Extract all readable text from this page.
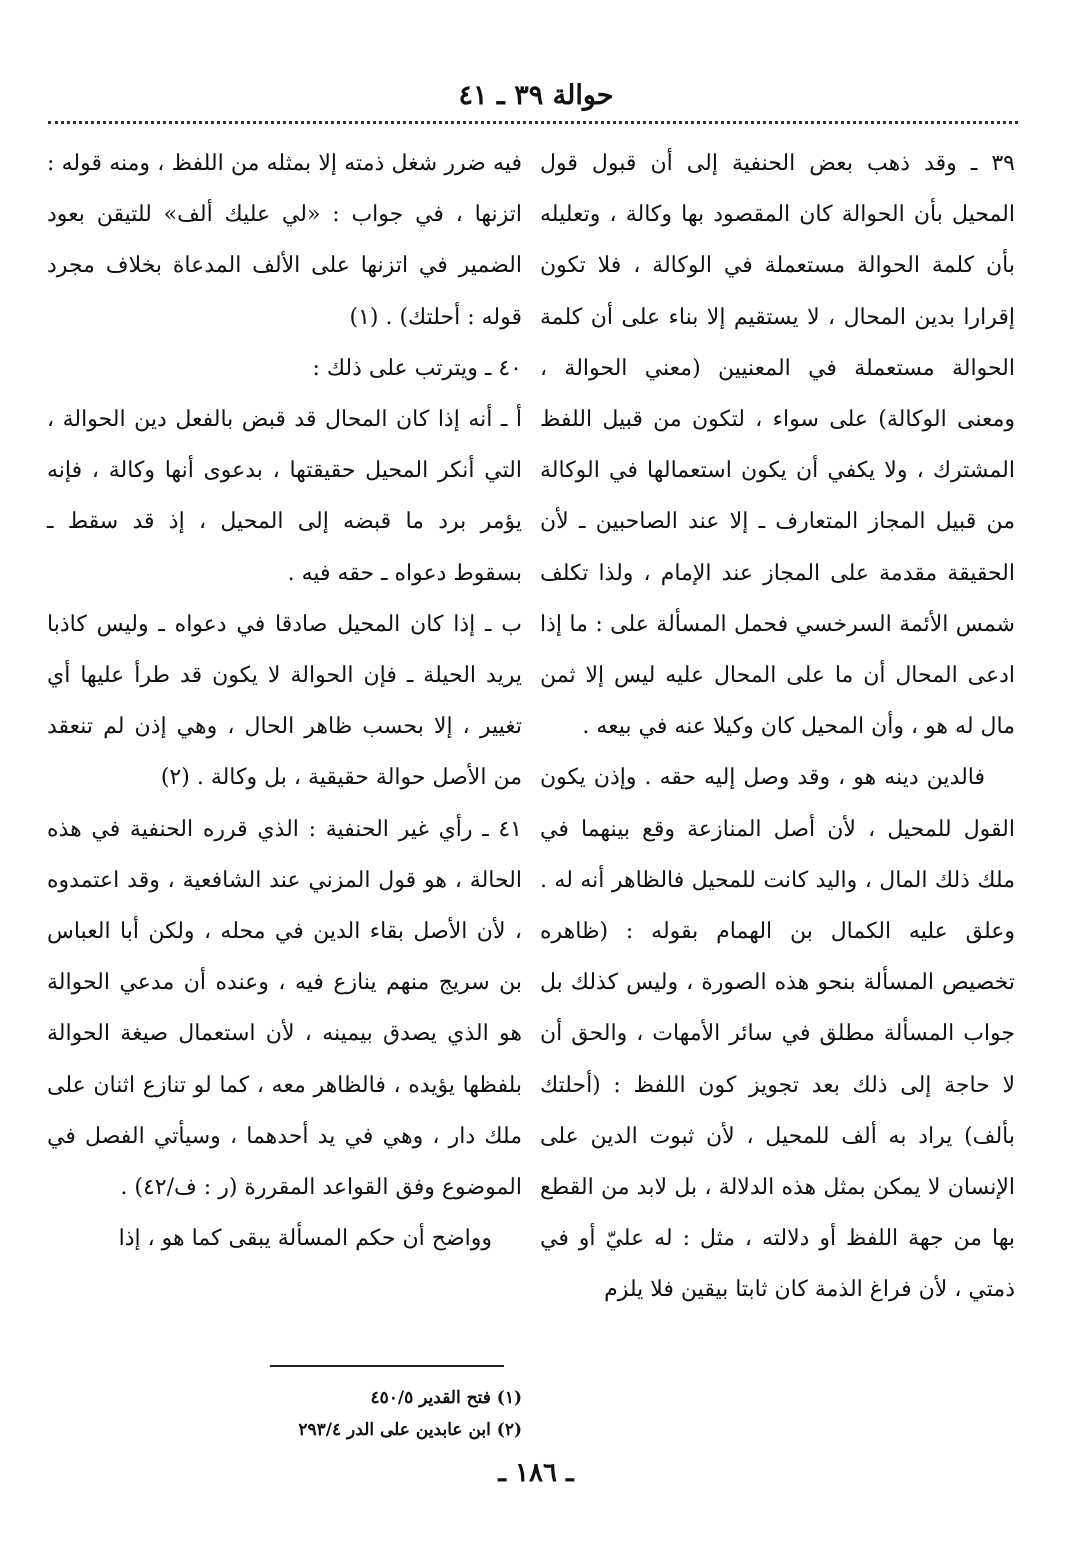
حوالة ٣٩ ـ ٤١

٣٩ ـ وقد ذهب بعض الحنفية إلى أن قبول قول المحيل بأن الحوالة كان المقصود بها وكالة ، وتعليله بأن كلمة الحوالة مستعملة في الوكالة ، فلا تكون إقرارا بدين المحال ، لا يستقيم إلا بناء على أن كلمة الحوالة مستعملة في المعنيين (معني الحوالة ، ومعنى الوكالة) على سواء ، لتكون من قبيل اللفظ المشترك ، ولا يكفي أن يكون استعمالها في الوكالة من قبيل المجاز المتعارف ـ إلا عند الصاحبين ـ لأن الحقيقة مقدمة على المجاز عند الإمام ، ولذا تكلف شمس الأئمة السرخسي فحمل المسألة على : ما إذا ادعى المحال أن ما على المحال عليه ليس إلا ثمن مال له هو ، وأن المحيل كان وكيلا عنه في بيعه .

فالدين دينه هو ، وقد وصل إليه حقه . وإذن يكون القول للمحيل ، لأن أصل المنازعة وقع بينهما في ملك ذلك المال ، واليد كانت للمحيل فالظاهر أنه له . وعلق عليه الكمال بن الهمام بقوله : (ظاهره تخصيص المسألة بنحو هذه الصورة ، وليس كذلك بل جواب المسألة مطلق في سائر الأمهات ، والحق أن لا حاجة إلى ذلك بعد تجويز كون اللفظ : (أحلتك بألف) يراد به ألف للمحيل ، لأن ثبوت الدين على الإنسان لا يمكن بمثل هذه الدلالة ، بل لابد من القطع بها من جهة اللفظ أو دلالته ، مثل : له عليّ أو في ذمتي ، لأن فراغ الذمة كان ثابتا بيقين فلا يلزم

فيه ضرر شغل ذمته إلا بمثله من اللفظ ، ومنه قوله : اتزنها ، في جواب : «لي عليك ألف» للتيقن بعود الضمير في اتزنها على الألف المدعاة بخلاف مجرد قوله : أحلتك) . (١)

٤٠ ـ ويترتب على ذلك :

أ ـ أنه إذا كان المحال قد قبض بالفعل دين الحوالة ، التي أنكر المحيل حقيقتها ، بدعوى أنها وكالة ، فإنه يؤمر برد ما قبضه إلى المحيل ، إذ قد سقط ـ بسقوط دعواه ـ حقه فيه .

ب ـ إذا كان المحيل صادقا في دعواه ـ وليس كاذبا يريد الحيلة ـ فإن الحوالة لا يكون قد طرأ عليها أي تغيير ، إلا بحسب ظاهر الحال ، وهي إذن لم تنعقد من الأصل حوالة حقيقية ، بل وكالة . (٢)

٤١ ـ رأي غير الحنفية : الذي قرره الحنفية في هذه الحالة ، هو قول المزني عند الشافعية ، وقد اعتمدوه ، لأن الأصل بقاء الدين في محله ، ولكن أبا العباس بن سريج منهم ينازع فيه ، وعنده أن مدعي الحوالة هو الذي يصدق بيمينه ، لأن استعمال صيغة الحوالة بلفظها يؤيده ، فالظاهر معه ، كما لو تنازع اثنان على ملك دار ، وهي في يد أحدهما ، وسيأتي الفصل في الموضوع وفق القواعد المقررة (ر : ف/٤٢) .

وواضح أن حكم المسألة يبقى كما هو ، إذا

(١) فتح القدير ٤٥٠/٥
(٢) ابن عابدين على الدر ٢٩٣/٤
ـ ١٨٦ ـ
